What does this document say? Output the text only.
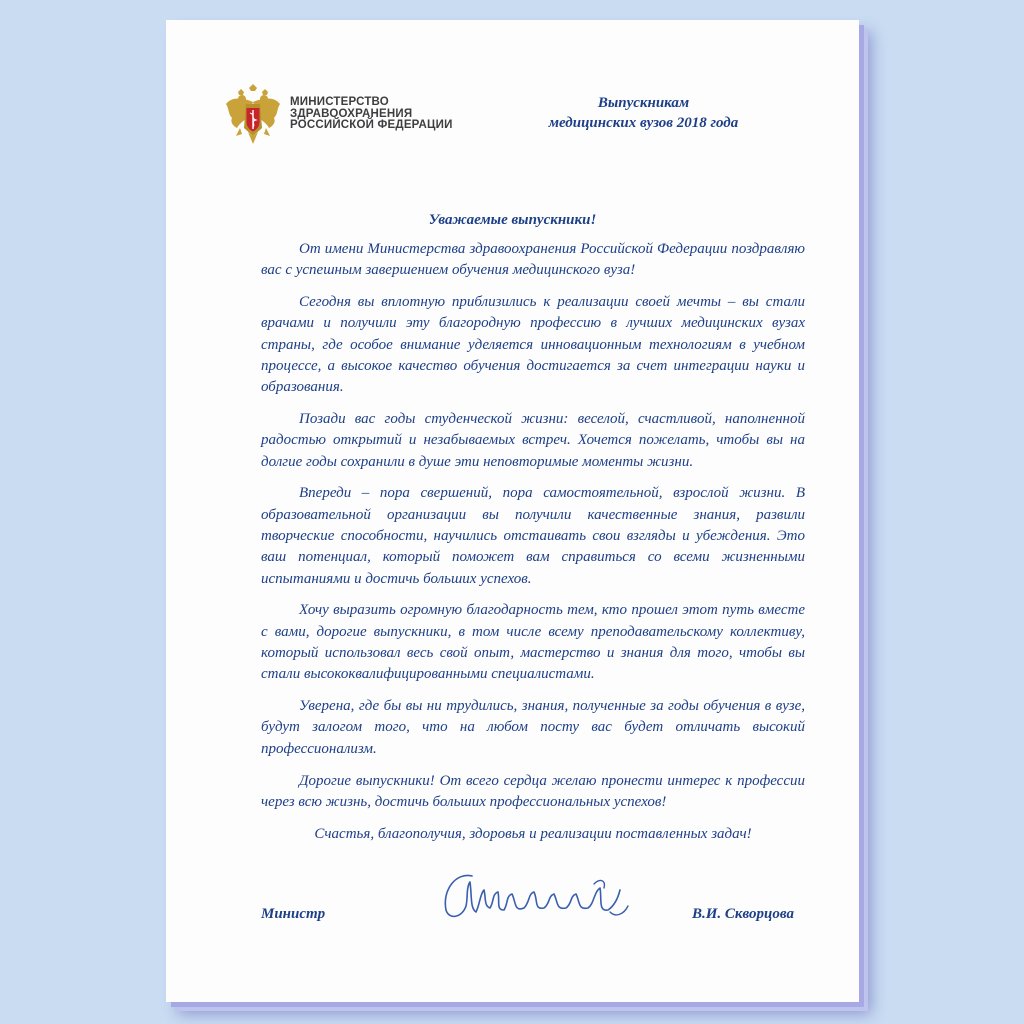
МИНИСТЕРСТВО
ЗДРАВООХРАНЕНИЯ
РОССИЙСКОЙ ФЕДЕРАЦИИ
Выпускникам
медицинских вузов 2018 года
Уважаемые выпускники!

От имени Министерства здравоохранения Российской Федерации поздравляю вас с успешным завершением обучения медицинского вуза!

Сегодня вы вплотную приблизились к реализации своей мечты – вы стали врачами и получили эту благородную профессию в лучших медицинских вузах страны, где особое внимание уделяется инновационным технологиям в учебном процессе, а высокое качество обучения достигается за счет интеграции науки и образования.

Позади вас годы студенческой жизни: веселой, счастливой, наполненной радостью открытий и незабываемых встреч. Хочется пожелать, чтобы вы на долгие годы сохранили в душе эти неповторимые моменты жизни.

Впереди – пора свершений, пора самостоятельной, взрослой жизни. В образовательной организации вы получили качественные знания, развили творческие способности, научились отстаивать свои взгляды и убеждения. Это ваш потенциал, который поможет вам справиться со всеми жизненными испытаниями и достичь больших успехов.

Хочу выразить огромную благодарность тем, кто прошел этот путь вместе с вами, дорогие выпускники, в том числе всему преподавательскому коллективу, который использовал весь свой опыт, мастерство и знания для того, чтобы вы стали высококвалифицированными специалистами.

Уверена, где бы вы ни трудились, знания, полученные за годы обучения в вузе, будут залогом того, что на любом посту вас будет отличать высокий профессионализм.

Дорогие выпускники! От всего сердца желаю пронести интерес к профессии через всю жизнь, достичь больших профессиональных успехов!

Счастья, благополучия, здоровья и реализации поставленных задач!

Министр	В.И. Скворцова
